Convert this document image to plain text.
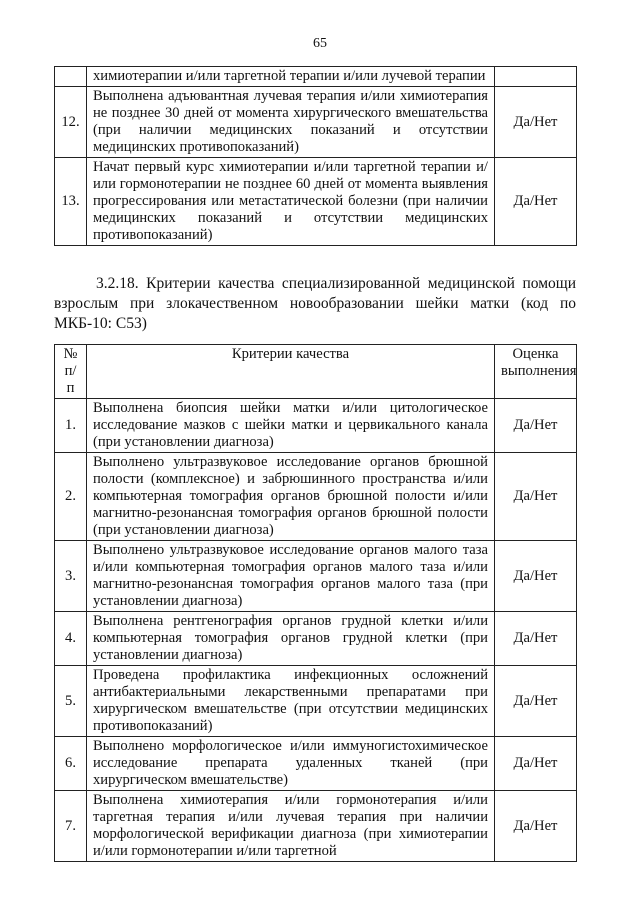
65
	химиотерапии и/или таргетной терапии и/или лучевой терапии	
12.	Выполнена адъювантная лучевая терапия и/или химиотерапия не позднее 30 дней от момента хирургического вмешательства (при наличии медицинских показаний и отсутствии медицинских противопоказаний)	Да/Нет
13.	Начат первый курс химиотерапии и/или таргетной терапии и/или гормонотерапии не позднее 60 дней от момента выявления прогрессирования или метастатической болезни (при наличии медицинских показаний и отсутствии медицинских противопоказаний)	Да/Нет
3.2.18. Критерии качества специализированной медицинской помощи взрослым при злокачественном новообразовании шейки матки (код по МКБ-10: C53)
№ п/п	Критерии качества	Оценка выполнения
1.	Выполнена биопсия шейки матки и/или цитологическое исследование мазков с шейки матки и цервикального канала (при установлении диагноза)	Да/Нет
2.	Выполнено ультразвуковое исследование органов брюшной полости (комплексное) и забрюшинного пространства и/или компьютерная томография органов брюшной полости и/или магнитно-резонансная томография органов брюшной полости (при установлении диагноза)	Да/Нет
3.	Выполнено ультразвуковое исследование органов малого таза и/или компьютерная томография органов малого таза и/или магнитно-резонансная томография органов малого таза (при установлении диагноза)	Да/Нет
4.	Выполнена рентгенография органов грудной клетки и/или компьютерная томография органов грудной клетки (при установлении диагноза)	Да/Нет
5.	Проведена профилактика инфекционных осложнений антибактериальными лекарственными препаратами при хирургическом вмешательстве (при отсутствии медицинских противопоказаний)	Да/Нет
6.	Выполнено морфологическое и/или иммуногистохимическое исследование препарата удаленных тканей (при хирургическом вмешательстве)	Да/Нет
7.	Выполнена химиотерапия и/или гормонотерапия и/или таргетная терапия и/или лучевая терапия при наличии морфологической верификации диагноза (при химиотерапии и/или гормонотерапии и/или таргетной	Да/Нет
